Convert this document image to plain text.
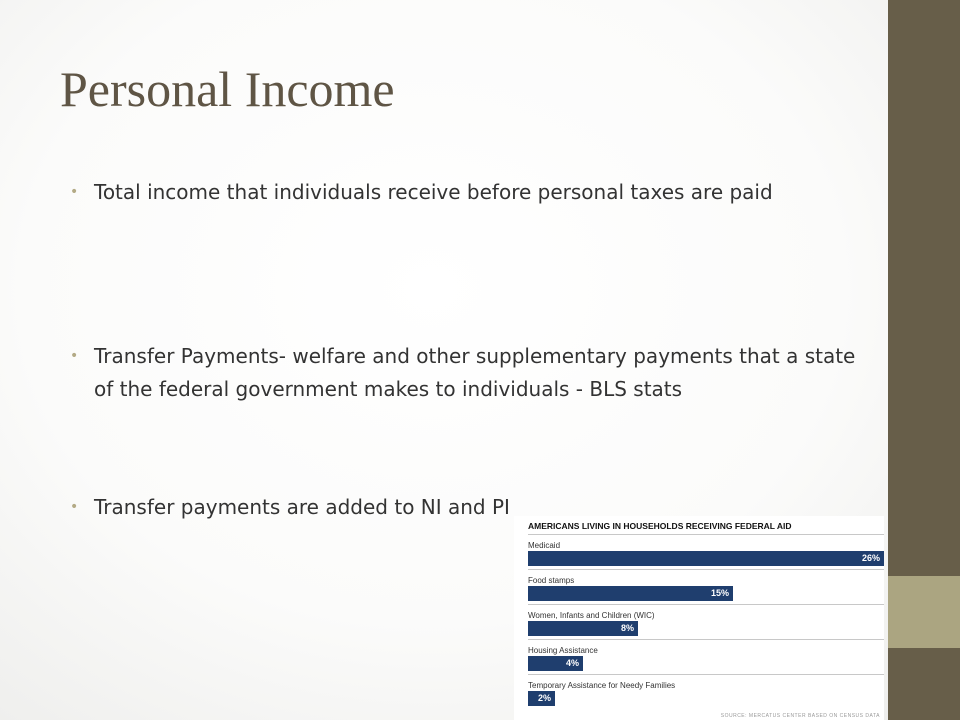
Personal Income
• Total income that individuals receive before personal taxes are paid
• Transfer Payments- welfare and other supplementary payments that a state of the federal government makes to individuals - BLS stats
• Transfer payments are added to NI and PI
AMERICANS LIVING IN HOUSEHOLDS RECEIVING FEDERAL AID
SOURCE: MERCATUS CENTER BASED ON CENSUS DATA
Medicaid
26%
Food stamps
15%
Women, Infants and Children (WIC)
8%
Housing Assistance
4%
Temporary Assistance for Needy Families
2%
